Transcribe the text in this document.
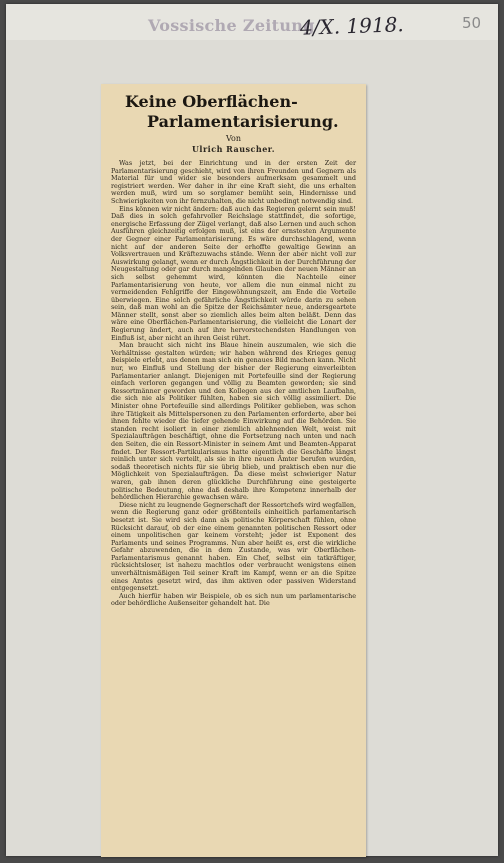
Vossische Zeitung
4/X. 1918.	50
Keine Oberflächen-
Parlamentarisierung.
Von
Ulrich Rauscher.

Was jetzt, bei der Einrichtung und in der ersten Zeit der Parlamentarisierung geschieht, wird von ihren Freunden und Gegnern als Material für und wider sie besonders aufmerksam gesammelt und registriert werden. Wer daher in ihr eine Kraft sieht, die uns erhalten werden muß, wird um so sorglamer bemüht sein, Hindernisse und Schwierigkeiten von ihr fernzuhalten, die nicht unbedingt notwendig sind.

Eins können wir nicht ändern: daß auch das Regieren gelernt sein muß! Daß dies in solch gefahrvoller Reichslage stattfindet, die sofortige, energische Erfassung der Zügel verlangt, daß also Lernen und auch schon Ausführen gleichzeitig erfolgen muß, ist eins der ernstesten Argumente der Gegner einer Parlamentarisierung. Es wäre durchschlagend, wenn nicht auf der anderen Seite der erhoffte gewaltige Gewinn an Volksvertrauen und Kräftezuwachs stände. Wenn der aber nicht voll zur Auswirkung gelangt, wenn er durch Ängstlichkeit in der Durchführung der Neugestaltung oder gar durch mangelnden Glauben der neuen Männer an sich selbst gehemmt wird, könnten die Nachteile einer Parlamentarisierung von heute, vor allem die nun einmal nicht zu vermeidenden Fehlgriffe der Eingewöhnungszeit, am Ende die Vorteile überwiegen. Eine solch gefährliche Ängstlichkeit würde darin zu sehen sein, daß man wohl an die Spitze der Reichsämter neue, andersgeartete Männer stellt, sonst aber so ziemlich alles beim alten beläßt. Denn das wäre eine Oberflächen-Parlamentarisierung, die vielleicht die Lonart der Regierung ändert, auch auf ihre hervorstechendsten Handlungen von Einfluß ist, aber nicht an ihren Geist rührt.

Man braucht sich nicht ins Blaue hinein auszumalen, wie sich die Verhältnisse gestalten würden; wir haben während des Krieges genug Beispiele erlebt, aus denen man sich ein genaues Bild machen kann. Nicht nur, wo Einfluß und Stellung der bisher der Regierung einverleibten Parlamentarier anlangt. Diejenigen mit Portefeuille sind der Regierung einfach verloren gegangen und völlig zu Beamten geworden; sie sind Ressortmänner geworden und den Kollegen aus der amtlichen Laufbahn, die sich nie als Politiker fühlten, haben sie sich völlig assimiliert. Die Minister ohne Portefeuille sind allerdings Politiker geblieben, was schon ihre Tätigkeit als Mittelspersonen zu den Parlamenten erforderte, aber bei ihnen fehlte wieder die tiefer gehende Einwirkung auf die Behörden. Sie standen recht isoliert in einer ziemlich ablehnenden Welt, weist mit Spezialaufträgen beschäftigt, ohne die Fortsetzung nach unten und nach den Seiten, die ein Ressort-Minister in seinem Amt und Beamten-Apparat findet. Der Ressort-Partikularismus hatte eigentlich die Geschäfte längst reinlich unter sich verteilt, als sie in ihre neuen Ämter berufen wurden, sodaß theoretisch nichts für sie übrig blieb, und praktisch eben nur die Möglichkeit von Spezialaufträgen. Da diese meist schwieriger Natur waren, gab ihnen deren glückliche Durchführung eine gesteigerte politische Bedeutung, ohne daß deshalb ihre Kompetenz innerhalb der behördlichen Hierarchie gewachsen wäre.

Diese nicht zu leugnende Gegnerschaft der Ressortchefs wird wegfallen, wenn die Regierung ganz oder größtenteils einheitlich parlamentarisch besetzt ist. Sie wird sich dann als politische Körperschaft fühlen, ohne Rücksicht darauf, ob der eine einem genannten politischen Ressort oder einem unpolitischen gar keinem vorsteht; jeder ist Exponent des Parlaments und seines Programms. Nun aber heißt es, erst die wirkliche Gefahr abzuwenden, die in dem Zustande, was wir Oberflächen-Parlamentarismus genannt haben. Ein Chef, selbst ein tatkräftiger, rücksichtsloser, ist nahezu machtlos oder verbraucht wenigstens einen unverhältnismäßigen Teil seiner Kraft im Kampf, wenn er an die Spitze eines Amtes gesetzt wird, das ihm aktiven oder passiven Widerstand entgegensetzt.

Auch hierfür haben wir Beispiele, ob es sich nun um parlamentarische oder behördliche Außenseiter gehandelt hat. Die
